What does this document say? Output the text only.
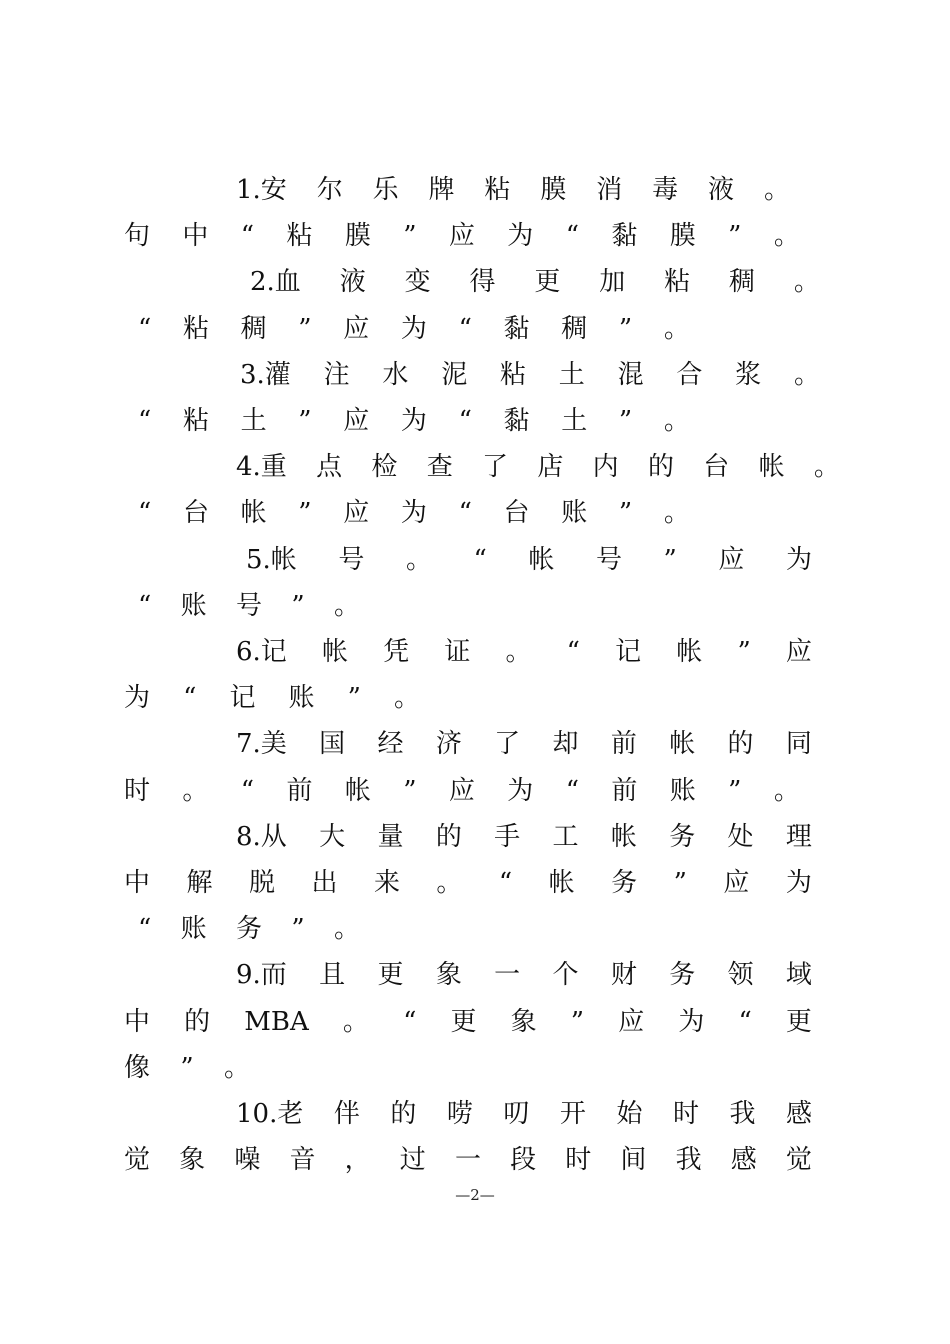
1.安 尔 乐 牌 粘 膜 消 毒 液 。
句 中 “ 粘 膜 ” 应 为 “ 黏 膜 ” 。
2.血 液 变 得 更 加 粘 稠 。
“ 粘 稠 ” 应 为 “ 黏 稠 ” 。
3.灌 注 水 泥 粘 土 混 合 浆 。
“ 粘 土 ” 应 为 “ 黏 土 ” 。
4.重 点 检 查 了 店 内 的 台 帐 。
“ 台 帐 ” 应 为 “ 台 账 ” 。
5.帐 号 。 “ 帐 号 ” 应 为
“ 账 号 ” 。
6.记 帐 凭 证 。 “ 记 帐 ” 应
为 “ 记 账 ” 。
7.美 国 经 济 了 却 前 帐 的 同
时 。 “ 前 帐 ” 应 为 “ 前 账 ” 。
8.从 大 量 的 手 工 帐 务 处 理
中 解 脱 出 来 。 “ 帐 务 ” 应 为
“ 账 务 ” 。
9.而 且 更 象 一 个 财 务 领 域
中 的 MBA 。 “ 更 象 ” 应 为 “ 更
像 ” 。
10.老 伴 的 唠 叨 开 始 时 我 感
觉 象 噪 音 ， 过 一 段 时 间 我 感 觉
—2—
